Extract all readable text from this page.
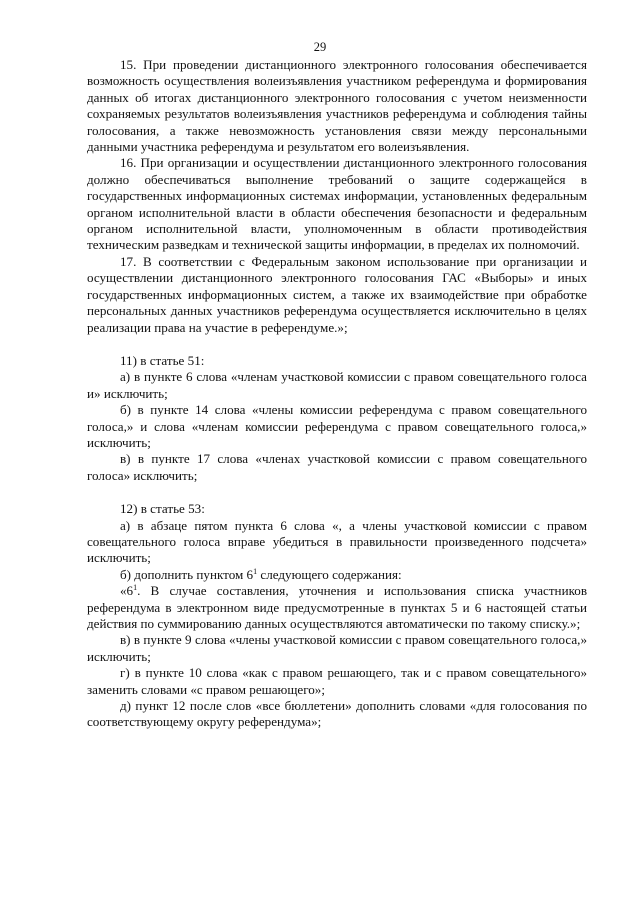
29

15. При проведении дистанционного электронного голосования обеспечивается возможность осуществления волеизъявления участником референдума и формирования данных об итогах дистанционного электронного голосования с учетом неизменности сохраняемых результатов волеизъявления участников референдума и соблюдения тайны голосования, а также невозможность установления связи между персональными данными участника референдума и результатом его волеизъявления.

16. При организации и осуществлении дистанционного электронного голосования должно обеспечиваться выполнение требований о защите содержащейся в государственных информационных системах информации, установленных федеральным органом исполнительной власти в области обеспечения безопасности и федеральным органом исполнительной власти, уполномоченным в области противодействия техническим разведкам и технической защиты информации, в пределах их полномочий.

17. В соответствии с Федеральным законом использование при организации и осуществлении дистанционного электронного голосования ГАС «Выборы» и иных государственных информационных систем, а также их взаимодействие при обработке персональных данных участников референдума осуществляется исключительно в целях реализации права на участие в референдуме.»;

11) в статье 51:

а) в пункте 6 слова «членам участковой комиссии с правом совещательного голоса и» исключить;

б) в пункте 14 слова «члены комиссии референдума с правом совещательного голоса,» и слова «членам комиссии референдума с правом совещательного голоса,» исключить;

в) в пункте 17 слова «членах участковой комиссии с правом совещательного голоса» исключить;

12) в статье 53:

а) в абзаце пятом пункта 6 слова «, а члены участковой комиссии с правом совещательного голоса вправе убедиться в правильности произведенного подсчета» исключить;

б) дополнить пунктом $6^1$ следующего содержания:

«$6^1$. В случае составления, уточнения и использования списка участников референдума в электронном виде предусмотренные в пунктах 5 и 6 настоящей статьи действия по суммированию данных осуществляются автоматически по такому списку.»;

в) в пункте 9 слова «члены участковой комиссии с правом совещательного голоса,» исключить;

г) в пункте 10 слова «как с правом решающего, так и с правом совещательного» заменить словами «с правом решающего»;

д) пункт 12 после слов «все бюллетени» дополнить словами «для голосования по соответствующему округу референдума»;
